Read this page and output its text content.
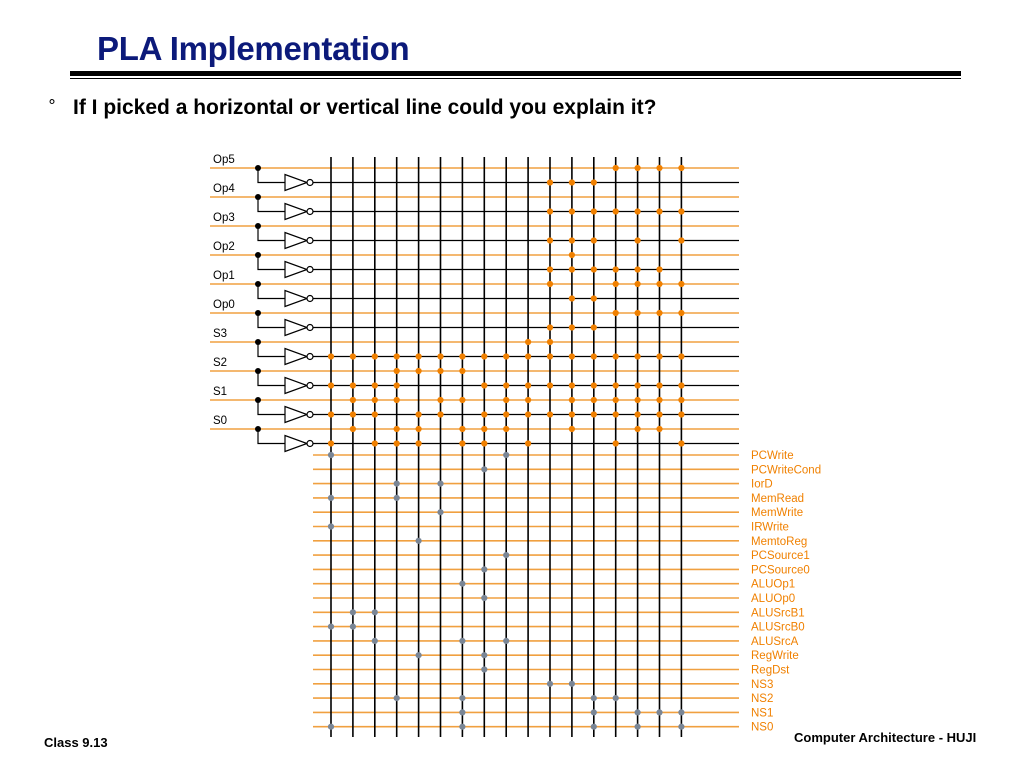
PLA Implementation
° If I picked a horizontal or vertical line could you explain it?
Op5
Op4
Op3
Op2
Op1
Op0
S3
S2
S1
S0
PCWrite
PCWriteCond
IorD
MemRead
MemWrite
IRWrite
MemtoReg
PCSource1
PCSource0
ALUOp1
ALUOp0
ALUSrcB1
ALUSrcB0
ALUSrcA
RegWrite
RegDst
NS3
NS2
NS1
NS0
Class 9.13	Computer Architecture - HUJI
